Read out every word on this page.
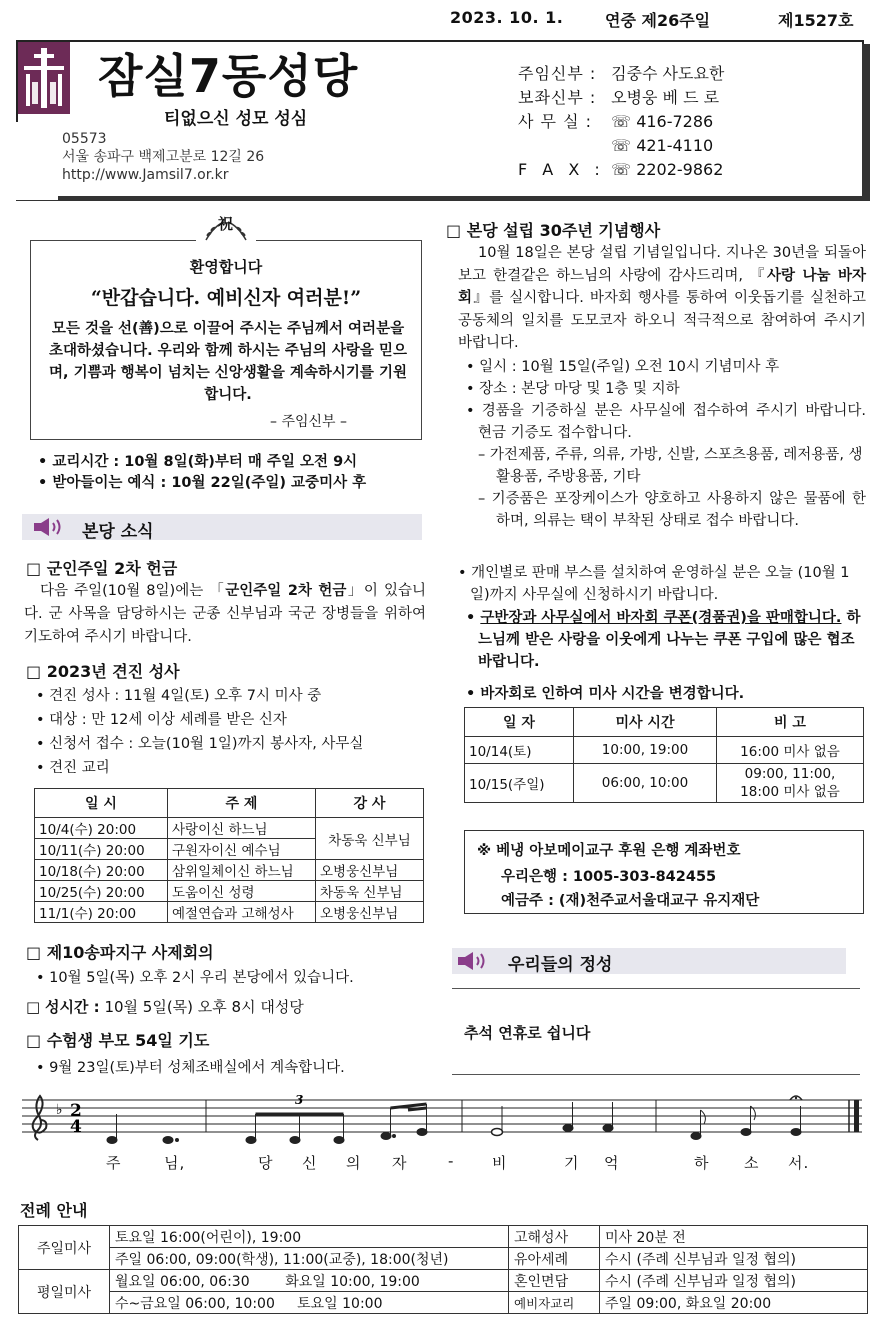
2023. 10. 1.	연중 제26주일	제1527호
잠실7동성당
티없으신 성모 성심
05573
서울 송파구 백제고분로 12길 26
http://www.Jamsil7.or.kr
주임신부 : 김중수 사도요한
보좌신부 : 오병웅 베 드 로
사 무 실 : ☏ 416-7286
☏ 421-4110
F A X : ☏ 2202-9862
祝
환영합니다
“반갑습니다. 예비신자 여러분!”
모든 것을 선(善)으로 이끌어 주시는 주님께서 여러분을 초대하셨습니다. 우리와 함께 하시는 주님의 사랑을 믿으며, 기쁨과 행복이 넘치는 신앙생활을 계속하시기를 기원합니다.
– 주임신부 –
• 교리시간 : 10월 8일(화)부터 매 주일 오전 9시
• 받아들이는 예식 : 10월 22일(주일) 교중미사 후
본당 소식
□ 군인주일 2차 헌금
다음 주일(10월 8일)에는 「군인주일 2차 헌금」이 있습니다. 군 사목을 담당하시는 군종 신부님과 국군 장병들을 위하여 기도하여 주시기 바랍니다.
□ 2023년 견진 성사
• 견진 성사 : 11월 4일(토) 오후 7시 미사 중
• 대상 : 만 12세 이상 세례를 받은 신자
• 신청서 접수 : 오늘(10월 1일)까지 봉사자, 사무실
• 견진 교리
일 시	주 제	강 사
10/4(수) 20:00	사랑이신 하느님	차동욱 신부님
10/11(수) 20:00	구원자이신 예수님	
10/18(수) 20:00	삼위일체이신 하느님	오병웅신부님
10/25(수) 20:00	도움이신 성령	차동욱 신부님
11/1(수) 20:00	예절연습과 고해성사	오병웅신부님
□ 제10송파지구 사제회의
• 10월 5일(목) 오후 2시 우리 본당에서 있습니다.
□ 성시간 : 10월 5일(목) 오후 8시 대성당
□ 수험생 부모 54일 기도
• 9월 23일(토)부터 성체조배실에서 계속합니다.
□ 본당 설립 30주년 기념행사
10월 18일은 본당 설립 기념일입니다. 지나온 30년을 되돌아보고 한결같은 하느님의 사랑에 감사드리며, 『사랑 나눔 바자회』를 실시합니다. 바자회 행사를 통하여 이웃돕기를 실천하고 공동체의 일치를 도모코자 하오니 적극적으로 참여하여 주시기 바랍니다.
• 일시 : 10월 15일(주일) 오전 10시 기념미사 후
• 장소 : 본당 마당 및 1층 및 지하
• 경품을 기증하실 분은 사무실에 접수하여 주시기 바랍니다. 현금 기증도 접수합니다.
– 가전제품, 주류, 의류, 가방, 신발, 스포츠용품, 레저용품, 생활용품, 주방용품, 기타
– 기증품은 포장케이스가 양호하고 사용하지 않은 물품에 한하며, 의류는 택이 부착된 상태로 접수 바랍니다.
• 개인별로 판매 부스를 설치하여 운영하실 분은 오늘 (10월 1일)까지 사무실에 신청하시기 바랍니다.
• 구반장과 사무실에서 바자회 쿠폰(경품권)을 판매합니다. 하느님께 받은 사랑을 이웃에게 나누는 쿠폰 구입에 많은 협조바랍니다.
• 바자회로 인하여 미사 시간을 변경합니다.
일 자	미사 시간	비 고
10/14(토)	10:00, 19:00	16:00 미사 없음
10/15(주일)	06:00, 10:00	09:00, 11:00,
18:00 미사 없음
※ 베냉 아보메이교구 후원 은행 계좌번호
우리은행 : 1005-303-842455
예금주 : (재)천주교서울대교구 유지재단
우리들의 정성
추석 연휴로 쉽니다
♭ 2
4
3
주	님,	당 신 의 자	-	비	기 억	하 소 서.
전례 안내
주일미사	토요일 16:00(어린이), 19:00	고해성사	미사 20분 전
	주일 06:00, 09:00(학생), 11:00(교중), 18:00(청년)	유아세례	수시 (주례 신부님과 일정 협의)
평일미사	월요일 06:00, 06:30        화요일 10:00, 19:00	혼인면담	수시 (주례 신부님과 일정 협의)
	수~금요일 06:00, 10:00     토요일 10:00	예비자교리	주일 09:00, 화요일 20:00
